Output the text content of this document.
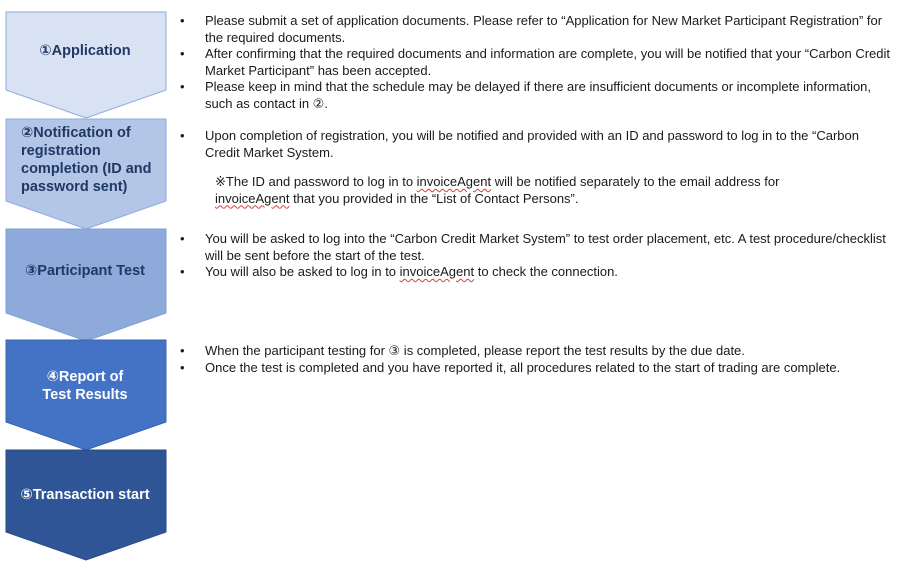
①Application
②Notification of registration completion (ID and password sent)
③Participant Test
④Report of Test Results
⑤Transaction start

• Please submit a set of application documents. Please refer to “Application for New Market Participant Registration” for the required documents.

• After confirming that the required documents and information are complete, you will be notified that your “Carbon Credit Market Participant” has been accepted.

• Please keep in mind that the schedule may be delayed if there are insufficient documents or incomplete information, such as contact in ②.

• Upon completion of registration, you will be notified and provided with an ID and password to log in to the “Carbon Credit Market System.

※The ID and password to log in to invoiceAgent will be notified separately to the email address for
invoiceAgent that you provided in the “List of Contact Persons”.

• You will be asked to log into the “Carbon Credit Market System” to test order placement, etc. A test procedure/checklist will be sent before the start of the test.

• You will also be asked to log in to invoiceAgent to check the connection.

• When the participant testing for ③ is completed, please report the test results by the due date.

• Once the test is completed and you have reported it, all procedures related to the start of trading are complete.
